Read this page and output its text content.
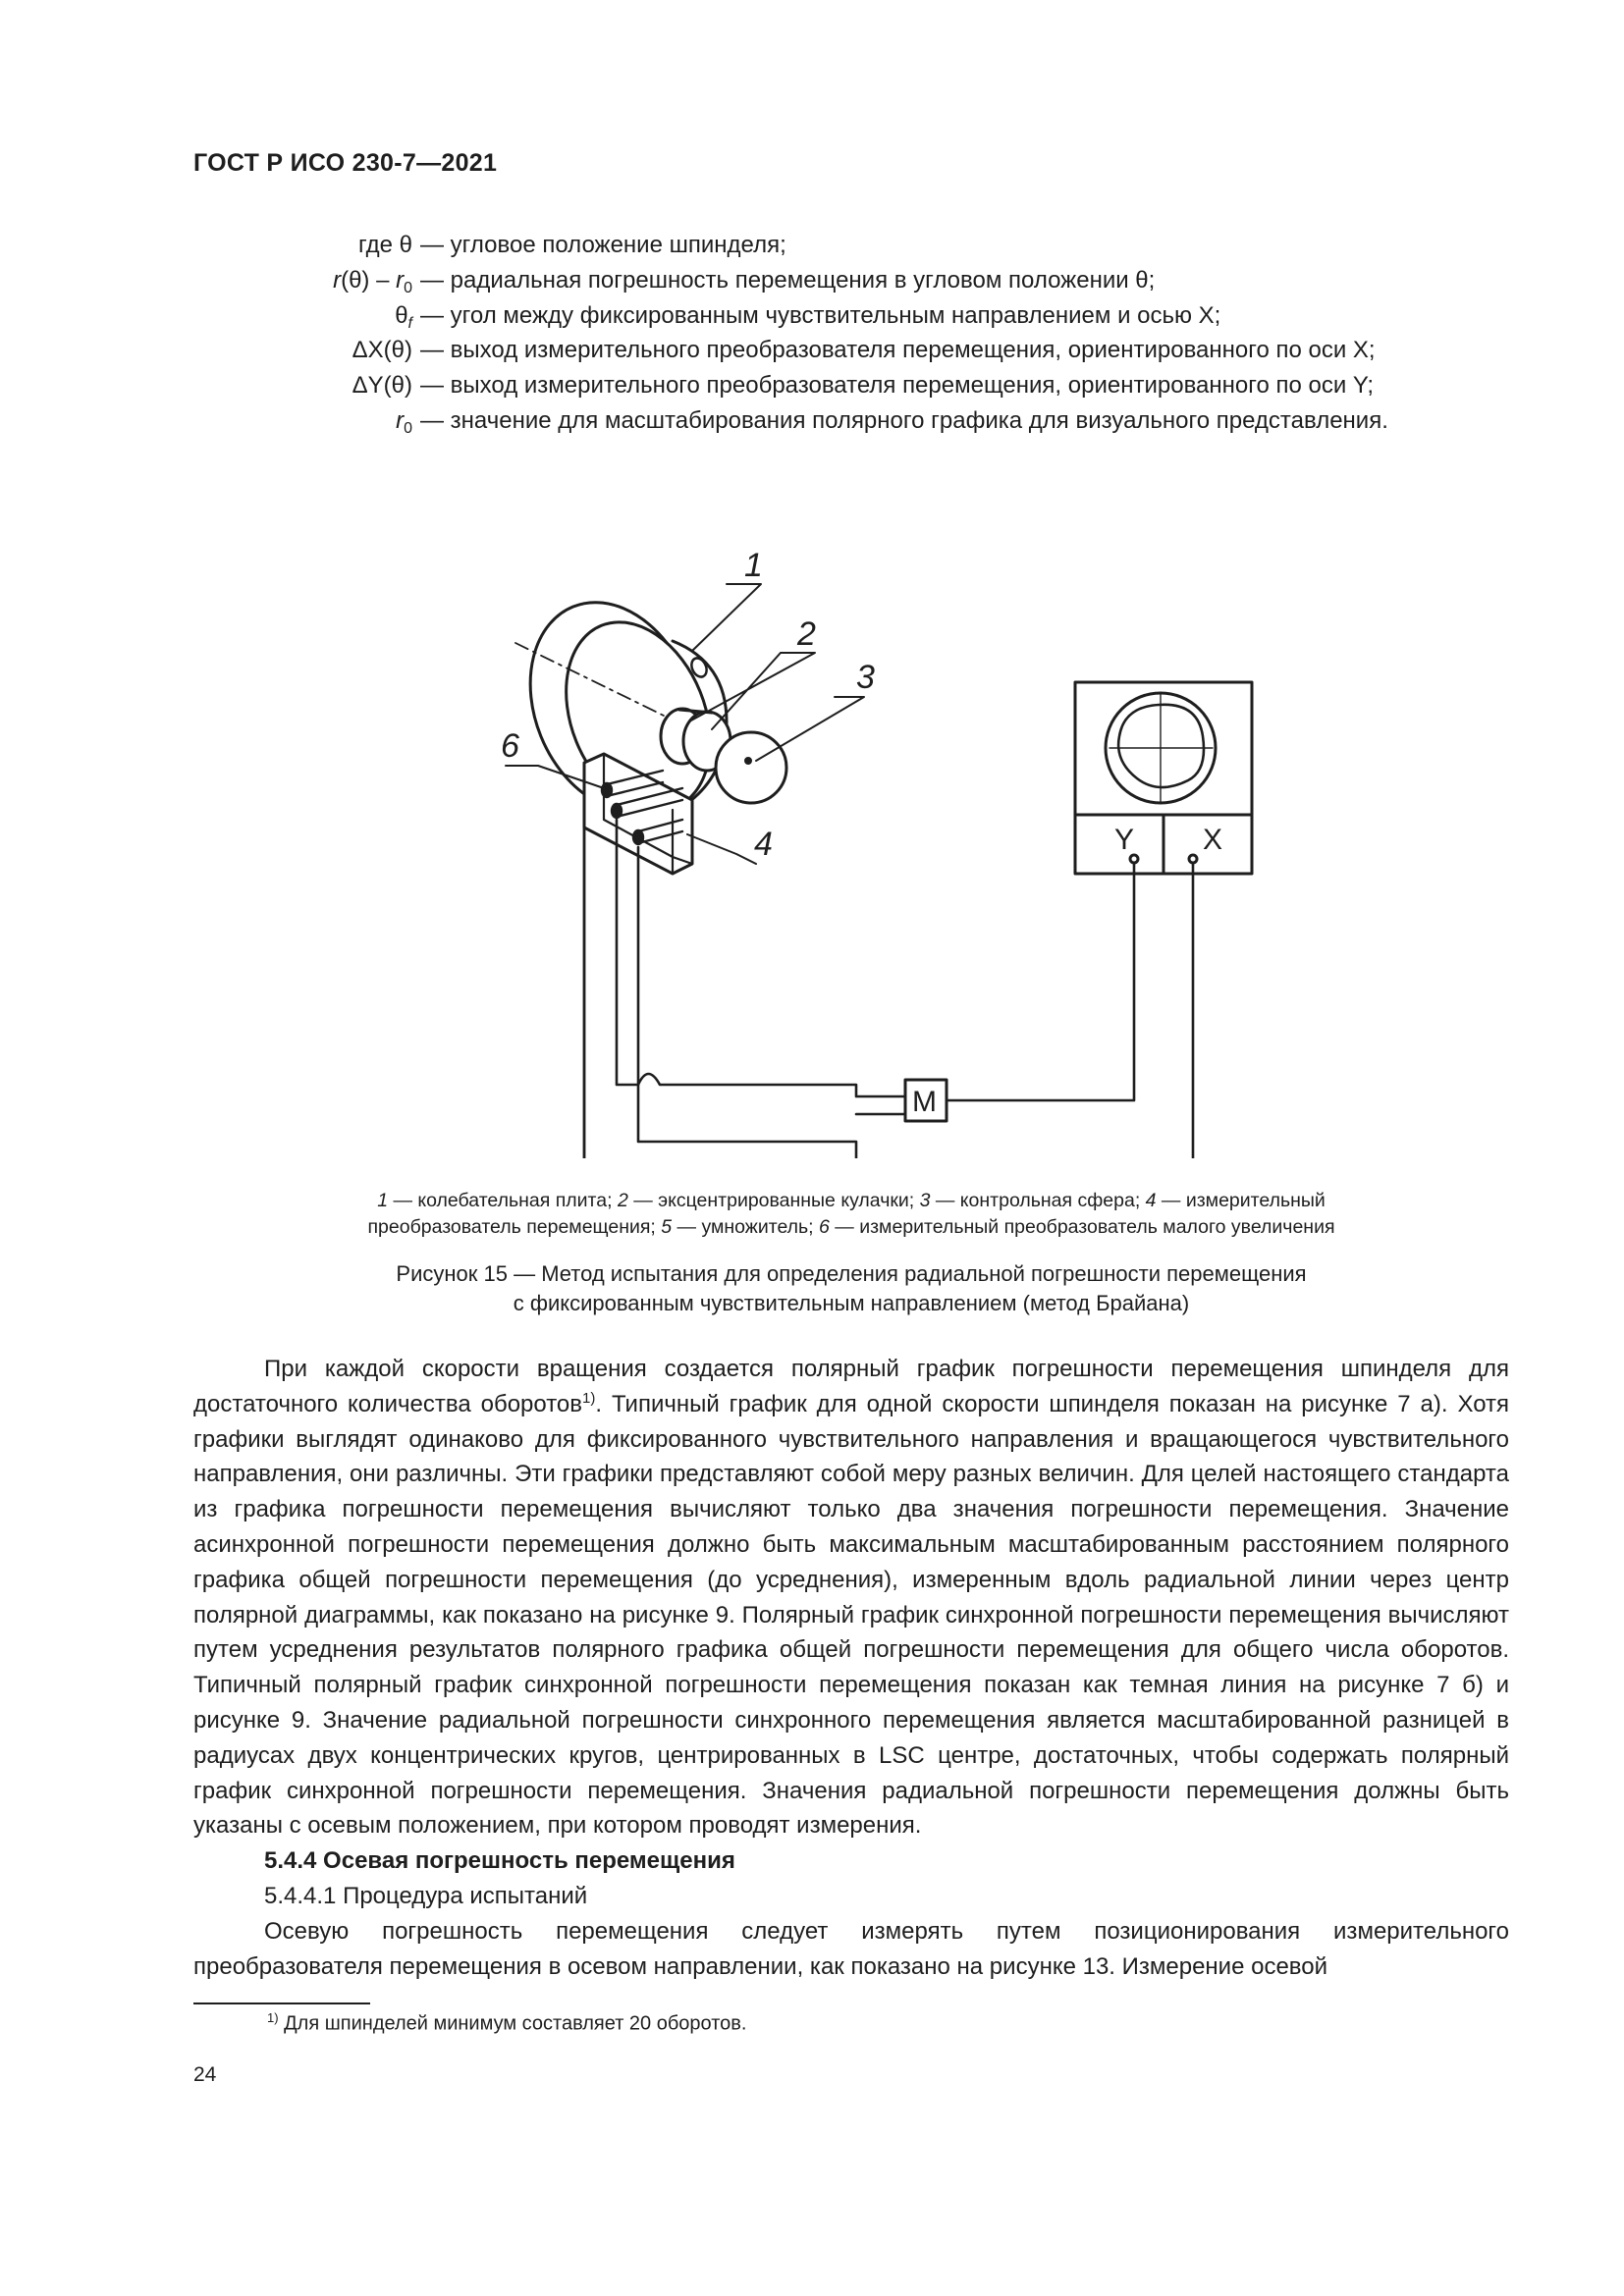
ГОСТ Р ИСО 230-7—2021
где θ — угловое положение шпинделя;
$r(\theta) - r_0$ — радиальная погрешность перемещения в угловом положении θ;
$\theta_f$ — угол между фиксированным чувствительным направлением и осью X;
ΔX(θ) — выход измерительного преобразователя перемещения, ориентированного по оси X;
ΔY(θ) — выход измерительного преобразователя перемещения, ориентированного по оси Y;
$r_0$ — значение для масштабирования полярного графика для визуального представления.
1
2
3
4
6
Y X
M
1 — колебательная плита; 2 — эксцентрированные кулачки; 3 — контрольная сфера; 4 — измерительный
преобразователь перемещения; 5 — умножитель; 6 — измерительный преобразователь малого увеличения
Рисунок 15 — Метод испытания для определения радиальной погрешности перемещения
с фиксированным чувствительным направлением (метод Брайана)

При каждой скорости вращения создается полярный график погрешности перемещения шпинделя для достаточного количества оборотов$^{1)}$. Типичный график для одной скорости шпинделя показан на рисунке 7 а). Хотя графики выглядят одинаково для фиксированного чувствительного направления и вращающегося чувствительного направления, они различны. Эти графики представляют собой меру разных величин. Для целей настоящего стандарта из графика погрешности перемещения вычисляют только два значения погрешности перемещения. Значение асинхронной погрешности перемещения должно быть максимальным масштабированным расстоянием полярного графика общей погрешности перемещения (до усреднения), измеренным вдоль радиальной линии через центр полярной диаграммы, как показано на рисунке 9. Полярный график синхронной погрешности перемещения вычисляют путем усреднения результатов полярного графика общей погрешности перемещения для общего числа оборотов. Типичный полярный график синхронной погрешности перемещения показан как темная линия на рисунке 7 б) и рисунке 9. Значение радиальной погрешности синхронного перемещения является масштабированной разницей в радиусах двух концентрических кругов, центрированных в LSC центре, достаточных, чтобы содержать полярный график синхронной погрешности перемещения. Значения радиальной погрешности перемещения должны быть указаны с осевым положением, при котором проводят измерения.

5.4.4 Осевая погрешность перемещения

5.4.4.1 Процедура испытаний

Осевую погрешность перемещения следует измерять путем позиционирования измерительного преобразователя перемещения в осевом направлении, как показано на рисунке 13. Измерение осевой

$^{1)}$ Для шпинделей минимум составляет 20 оборотов.
24
